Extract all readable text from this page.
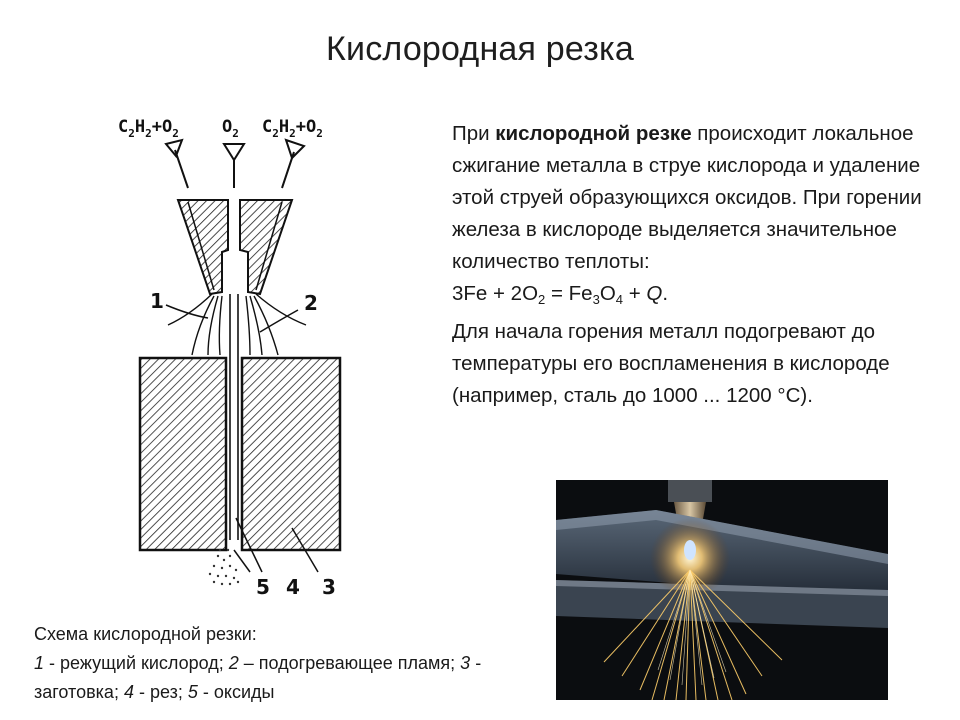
Кислородная резка
$C_2H_2+O_2$	$O_2$ $C_2H_2+O_2$
1	2
5 4 3

При кислородной резке происходит локальное сжигание металла в струе кислорода и удаление этой струей образующихся оксидов. При горении железа в кислороде выделяется значительное количество теплоты:

$3Fe + 2O_2 = Fe_3O_4 + Q$.

Для начала горения металл подогревают до температуры его воспламенения в кислороде (например, сталь до 1000 ... 1200 °С).

Схема кислородной резки:
1 - режущий кислород; 2 – подогревающее пламя; 3 - заготовка; 4 - рез; 5 - оксиды
